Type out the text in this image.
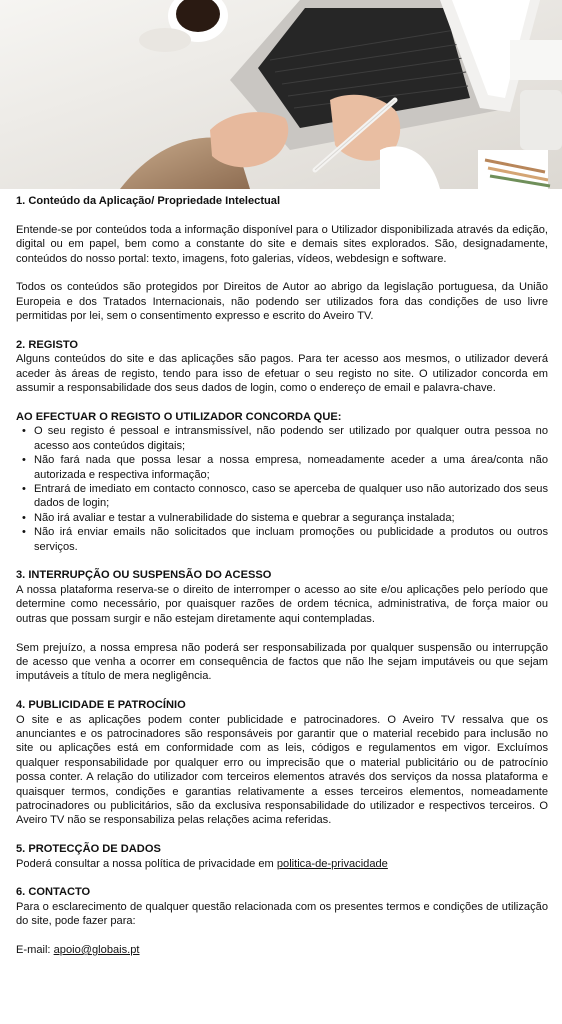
1. Conteúdo da Aplicação/ Propriedade Intelectual

Entende-se por conteúdos toda a informação disponível para o Utilizador disponibilizada através da edição, digital ou em papel, bem como a constante do site e demais sites explorados. São, designadamente, conteúdos do nosso portal: texto, imagens, foto galerias, vídeos, webdesign e software.

Todos os conteúdos são protegidos por Direitos de Autor ao abrigo da legislação portuguesa, da União Europeia e dos Tratados Internacionais, não podendo ser utilizados fora das condições de uso livre permitidas por lei, sem o consentimento expresso e escrito do Aveiro TV.

2. REGISTO

Alguns conteúdos do site e das aplicações são pagos. Para ter acesso aos mesmos, o utilizador deverá aceder às áreas de registo, tendo para isso de efetuar o seu registo no site. O utilizador concorda em assumir a responsabilidade dos seus dados de login, como o endereço de email e palavra-chave.

AO EFECTUAR O REGISTO O UTILIZADOR CONCORDA QUE:
• O seu registo é pessoal e intransmissível, não podendo ser utilizado por qualquer outra pessoa no acesso aos conteúdos digitais;
• Não fará nada que possa lesar a nossa empresa, nomeadamente aceder a uma área/conta não autorizada e respectiva informação;
• Entrará de imediato em contacto connosco, caso se aperceba de qualquer uso não autorizado dos seus dados de login;
• Não irá avaliar e testar a vulnerabilidade do sistema e quebrar a segurança instalada;
• Não irá enviar emails não solicitados que incluam promoções ou publicidade a produtos ou outros serviços.
3. INTERRUPÇÃO OU SUSPENSÃO DO ACESSO

A nossa plataforma reserva-se o direito de interromper o acesso ao site e/ou aplicações pelo período que determine como necessário, por quaisquer razões de ordem técnica, administrativa, de força maior ou outras que possam surgir e não estejam diretamente aqui contempladas.

Sem prejuízo, a nossa empresa não poderá ser responsabilizada por qualquer suspensão ou interrupção de acesso que venha a ocorrer em consequência de factos que não lhe sejam imputáveis ou que sejam imputáveis a título de mera negligência.

4. PUBLICIDADE E PATROCÍNIO

O site e as aplicações podem conter publicidade e patrocinadores. O Aveiro TV ressalva que os anunciantes e os patrocinadores são responsáveis por garantir que o material recebido para inclusão no site ou aplicações está em conformidade com as leis, códigos e regulamentos em vigor. Excluímos qualquer responsabilidade por qualquer erro ou imprecisão que o material publicitário ou de patrocínio possa conter. A relação do utilizador com terceiros elementos através dos serviços da nossa plataforma e quaisquer termos, condições e garantias relativamente a esses terceiros elementos, nomeadamente patrocinadores ou publicitários, são da exclusiva responsabilidade do utilizador e respectivos terceiros. O Aveiro TV não se responsabiliza pelas relações acima referidas.

5. PROTECÇÃO DE DADOS

Poderá consultar a nossa política de privacidade em politica-de-privacidade

6. CONTACTO

Para o esclarecimento de qualquer questão relacionada com os presentes termos e condições de utilização do site, pode fazer para:

E-mail: apoio@globais.pt
